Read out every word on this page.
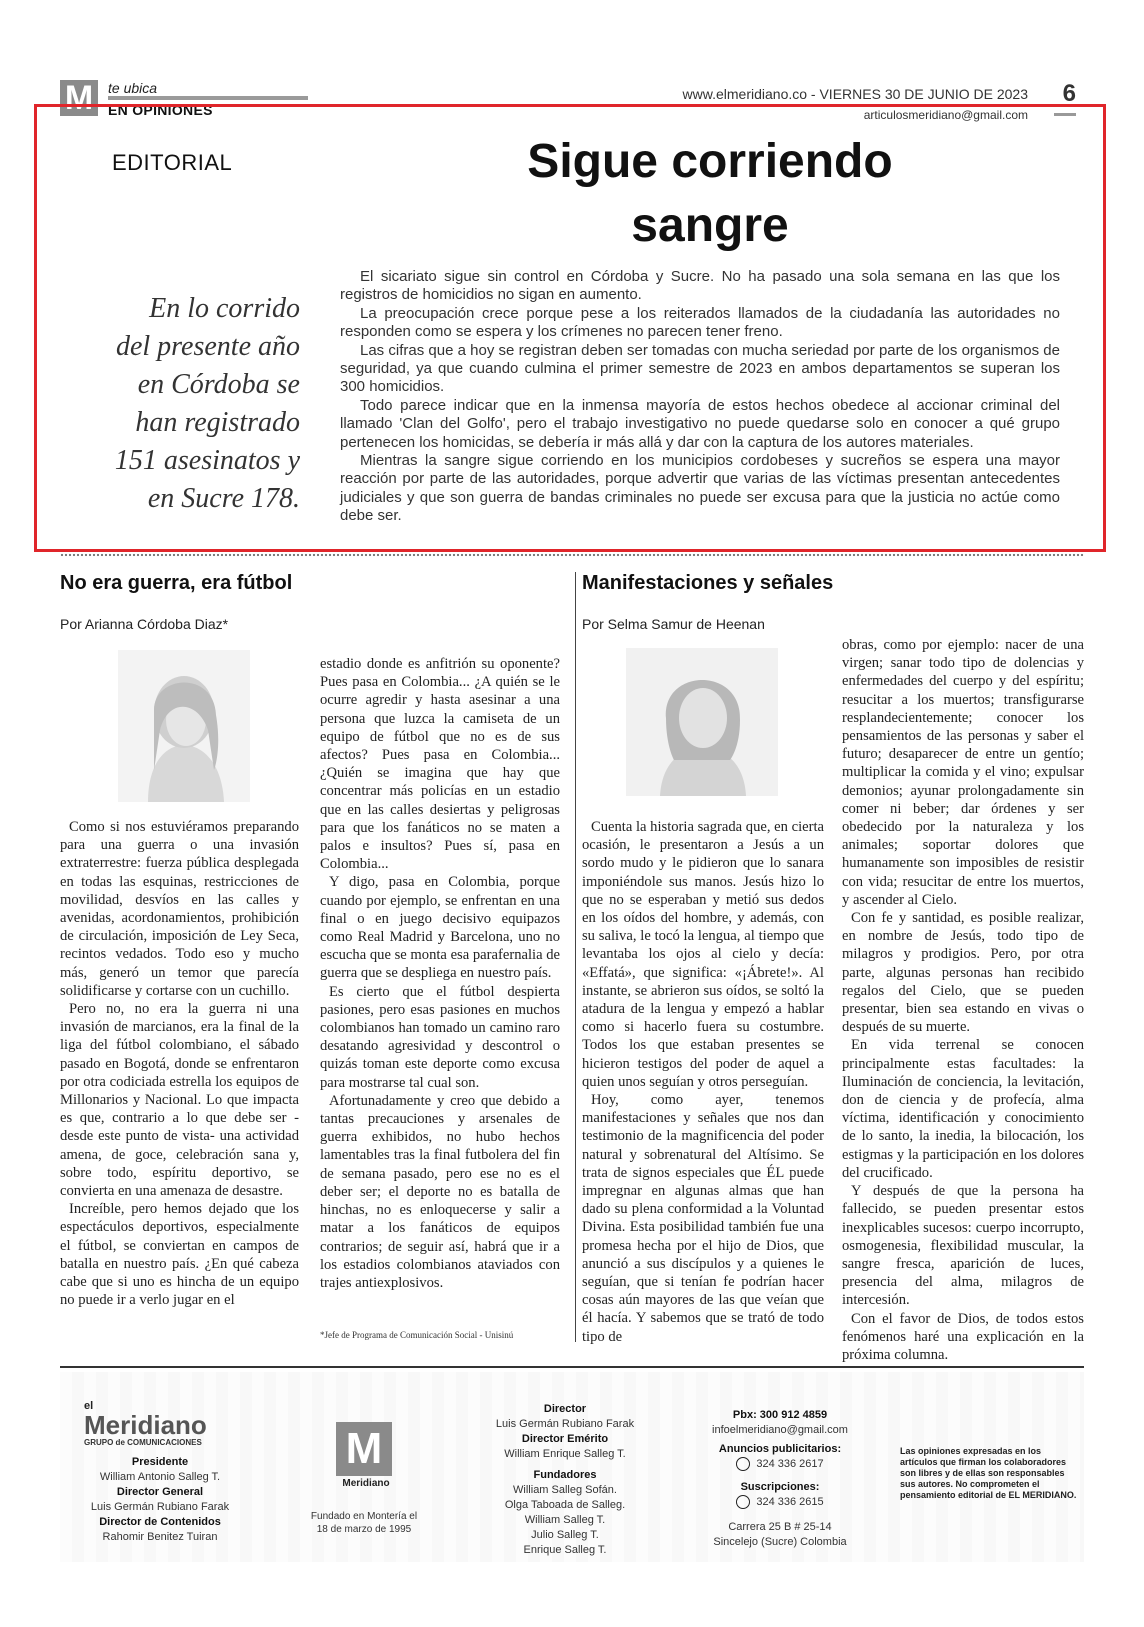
M	te ubica
EN OPINIONES
www.elmeridiano.co - VIERNES 30 DE JUNIO DE 2023 6
articulosmeridiano@gmail.com
EDITORIAL	Sigue corriendo
sangre
En lo corrido del presente año en Córdoba se han registrado 151 asesinatos y en Sucre 178.

El sicariato sigue sin control en Córdoba y Sucre. No ha pasado una sola semana en las que los registros de homicidios no sigan en aumento.

La preocupación crece porque pese a los reiterados llamados de la ciudadanía las autoridades no responden como se espera y los crímenes no parecen tener freno.

Las cifras que a hoy se registran deben ser tomadas con mucha seriedad por parte de los organismos de seguridad, ya que cuando culmina el primer semestre de 2023 en ambos departamentos se superan los 300 homicidios.

Todo parece indicar que en la inmensa mayoría de estos hechos obedece al accionar criminal del llamado 'Clan del Golfo', pero el trabajo investigativo no puede quedarse solo en conocer a qué grupo pertenecen los homicidas, se debería ir más allá y dar con la captura de los autores materiales.

Mientras la sangre sigue corriendo en los municipios cordobeses y sucreños se espera una mayor reacción por parte de las autoridades, porque advertir que varias de las víctimas presentan antecedentes judiciales y que son guerra de bandas criminales no puede ser excusa para que la justicia no actúe como debe ser.

No era guerra, era fútbol
Por Arianna Córdoba Diaz*

Como si nos estuviéramos preparando para una guerra o una invasión extraterrestre: fuerza pública desplegada en todas las esquinas, restricciones de movilidad, desvíos en las calles y avenidas, acordonamientos, prohibición de circulación, imposición de Ley Seca, recintos vedados. Todo eso y mucho más, generó un temor que parecía solidificarse y cortarse con un cuchillo.

Pero no, no era la guerra ni una invasión de marcianos, era la final de la liga del fútbol colombiano, el sábado pasado en Bogotá, donde se enfrentaron por otra codiciada estrella los equipos de Millonarios y Nacional. Lo que impacta es que, contrario a lo que debe ser -desde este punto de vista- una actividad amena, de goce, celebración sana y, sobre todo, espíritu deportivo, se convierta en una amenaza de desastre.

Increíble, pero hemos dejado que los espectáculos deportivos, especialmente el fútbol, se conviertan en campos de batalla en nuestro país. ¿En qué cabeza cabe que si uno es hincha de un equipo no puede ir a verlo jugar en el

estadio donde es anfitrión su oponente? Pues pasa en Colombia... ¿A quién se le ocurre agredir y hasta asesinar a una persona que luzca la camiseta de un equipo de fútbol que no es de sus afectos? Pues pasa en Colombia... ¿Quién se imagina que hay que concentrar más policías en un estadio que en las calles desiertas y peligrosas para que los fanáticos no se maten a palos e insultos? Pues sí, pasa en Colombia...

Y digo, pasa en Colombia, porque cuando por ejemplo, se enfrentan en una final o en juego decisivo equipazos como Real Madrid y Barcelona, uno no escucha que se monta esa parafernalia de guerra que se despliega en nuestro país.

Es cierto que el fútbol despierta pasiones, pero esas pasiones en muchos colombianos han tomado un camino raro desatando agresividad y descontrol o quizás toman este deporte como excusa para mostrarse tal cual son.

Afortunadamente y creo que debido a tantas precauciones y arsenales de guerra exhibidos, no hubo hechos lamentables tras la final futbolera del fin de semana pasado, pero ese no es el deber ser; el deporte no es batalla de hinchas, no es enloquecerse y salir a matar a los fanáticos de equipos contrarios; de seguir así, habrá que ir a los estadios colombianos ataviados con trajes antiexplosivos.

*Jefe de Programa de Comunicación Social - Unisinú
Manifestaciones y señales
Por Selma Samur de Heenan

Cuenta la historia sagrada que, en cierta ocasión, le presentaron a Jesús a un sordo mudo y le pidieron que lo sanara imponiéndole sus manos. Jesús hizo lo que no se esperaban y metió sus dedos en los oídos del hombre, y además, con su saliva, le tocó la lengua, al tiempo que levantaba los ojos al cielo y decía: «Effatá», que significa: «¡Ábrete!». Al instante, se abrieron sus oídos, se soltó la atadura de la lengua y empezó a hablar como si hacerlo fuera su costumbre. Todos los que estaban presentes se hicieron testigos del poder de aquel a quien unos seguían y otros perseguían.

Hoy, como ayer, tenemos manifestaciones y señales que nos dan testimonio de la magnificencia del poder natural y sobrenatural del Altísimo. Se trata de signos especiales que ÉL puede impregnar en algunas almas que han dado su plena conformidad a la Voluntad Divina. Esta posibilidad también fue una promesa hecha por el hijo de Dios, que anunció a sus discípulos y a quienes le seguían, que si tenían fe podrían hacer cosas aún mayores de las que veían que él hacía. Y sabemos que se trató de todo tipo de

obras, como por ejemplo: nacer de una virgen; sanar todo tipo de dolencias y enfermedades del cuerpo y del espíritu; resucitar a los muertos; transfigurarse resplandecientemente; conocer los pensamientos de las personas y saber el futuro; desaparecer de entre un gentío; multiplicar la comida y el vino; expulsar demonios; ayunar prolongadamente sin comer ni beber; dar órdenes y ser obedecido por la naturaleza y los animales; soportar dolores que humanamente son imposibles de resistir con vida; resucitar de entre los muertos, y ascender al Cielo.

Con fe y santidad, es posible realizar, en nombre de Jesús, todo tipo de milagros y prodigios. Pero, por otra parte, algunas personas han recibido regalos del Cielo, que se pueden presentar, bien sea estando en vivas o después de su muerte.

En vida terrenal se conocen principalmente estas facultades: la Iluminación de conciencia, la levitación, don de ciencia y de profecía, alma víctima, identificación y conocimiento de lo santo, la inedia, la bilocación, los estigmas y la participación en los dolores del crucificado.

Y después de que la persona ha fallecido, se pueden presentar estos inexplicables sucesos: cuerpo incorrupto, osmogenesia, flexibilidad muscular, la sangre fresca, aparición de luces, presencia del alma, milagros de intercesión.

Con el favor de Dios, de todos estos fenómenos haré una explicación en la próxima columna.

el
Meridiano
GRUPO de COMUNICACIONES
Presidente
William Antonio Salleg T.
Director General
Luis Germán Rubiano Farak
Director de Contenidos
Rahomir Benitez Tuiran
M
Meridiano
Fundado en Montería el 18 de marzo de 1995
Director
Luis Germán Rubiano Farak
Director Emérito
William Enrique Salleg T.
Fundadores
William Salleg Sofán.
Olga Taboada de Salleg.
William Salleg T.
Julio Salleg T.
Enrique Salleg T.
Pbx: 300 912 4859
infoelmeridiano@gmail.com
Anuncios publicitarios:
324 336 2617
Suscripciones:
324 336 2615
Carrera 25 B # 25-14
Sincelejo (Sucre) Colombia
Las opiniones expresadas en los artículos que firman los colaboradores son libres y de ellas son responsables sus autores. No comprometen el pensamiento editorial de EL MERIDIANO.
